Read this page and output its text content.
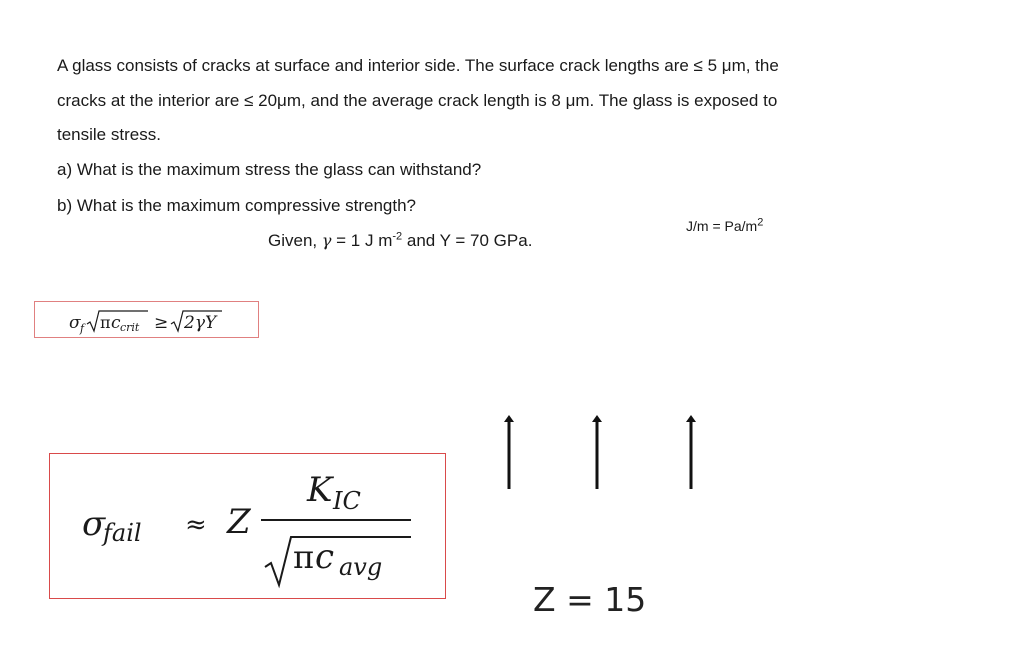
A glass consists of cracks at surface and interior side. The surface crack lengths are ≤ 5 μm, the
cracks at the interior are ≤ 20μm, and the average crack length is 8 μm. The glass is exposed to
tensile stress.
a) What is the maximum stress the glass can withstand?
b) What is the maximum compressive strength?
Given, γ = 1 J $m^{-2}$ and Y = 70 GPa.
$J/m = Pa/m^2$
σ f π c crit ≥ 2γY
σ
fail ≈ Z
K IC
π c avg
Z = 15
